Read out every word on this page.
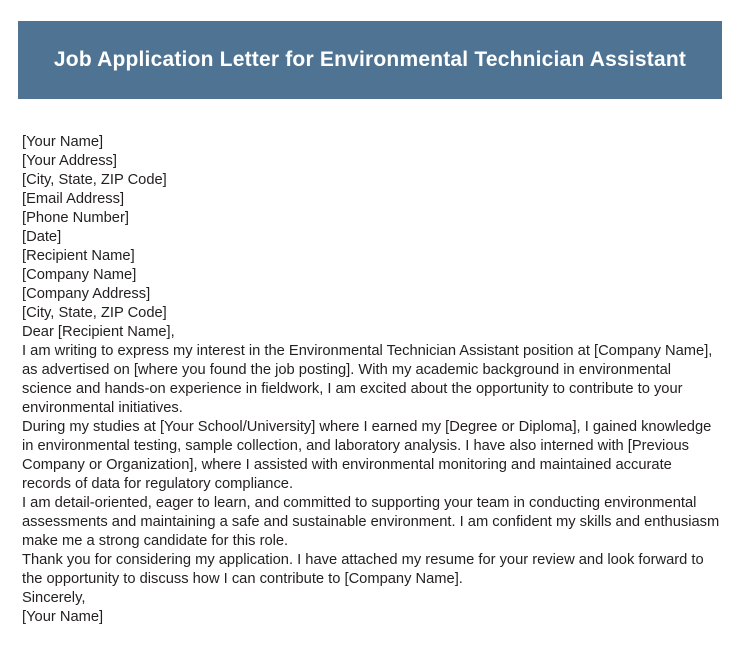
Job Application Letter for Environmental Technician Assistant
[Your Name]
[Your Address]
[City, State, ZIP Code]
[Email Address]
[Phone Number]
[Date]
[Recipient Name]
[Company Name]
[Company Address]
[City, State, ZIP Code]
Dear [Recipient Name],

I am writing to express my interest in the Environmental Technician Assistant position at [Company Name], as advertised on [where you found the job posting]. With my academic background in environmental science and hands-on experience in fieldwork, I am excited about the opportunity to contribute to your environmental initiatives.

During my studies at [Your School/University] where I earned my [Degree or Diploma], I gained knowledge in environmental testing, sample collection, and laboratory analysis. I have also interned with [Previous Company or Organization], where I assisted with environmental monitoring and maintained accurate records of data for regulatory compliance.

I am detail-oriented, eager to learn, and committed to supporting your team in conducting environmental assessments and maintaining a safe and sustainable environment. I am confident my skills and enthusiasm make me a strong candidate for this role.

Thank you for considering my application. I have attached my resume for your review and look forward to the opportunity to discuss how I can contribute to [Company Name].

Sincerely,
[Your Name]
